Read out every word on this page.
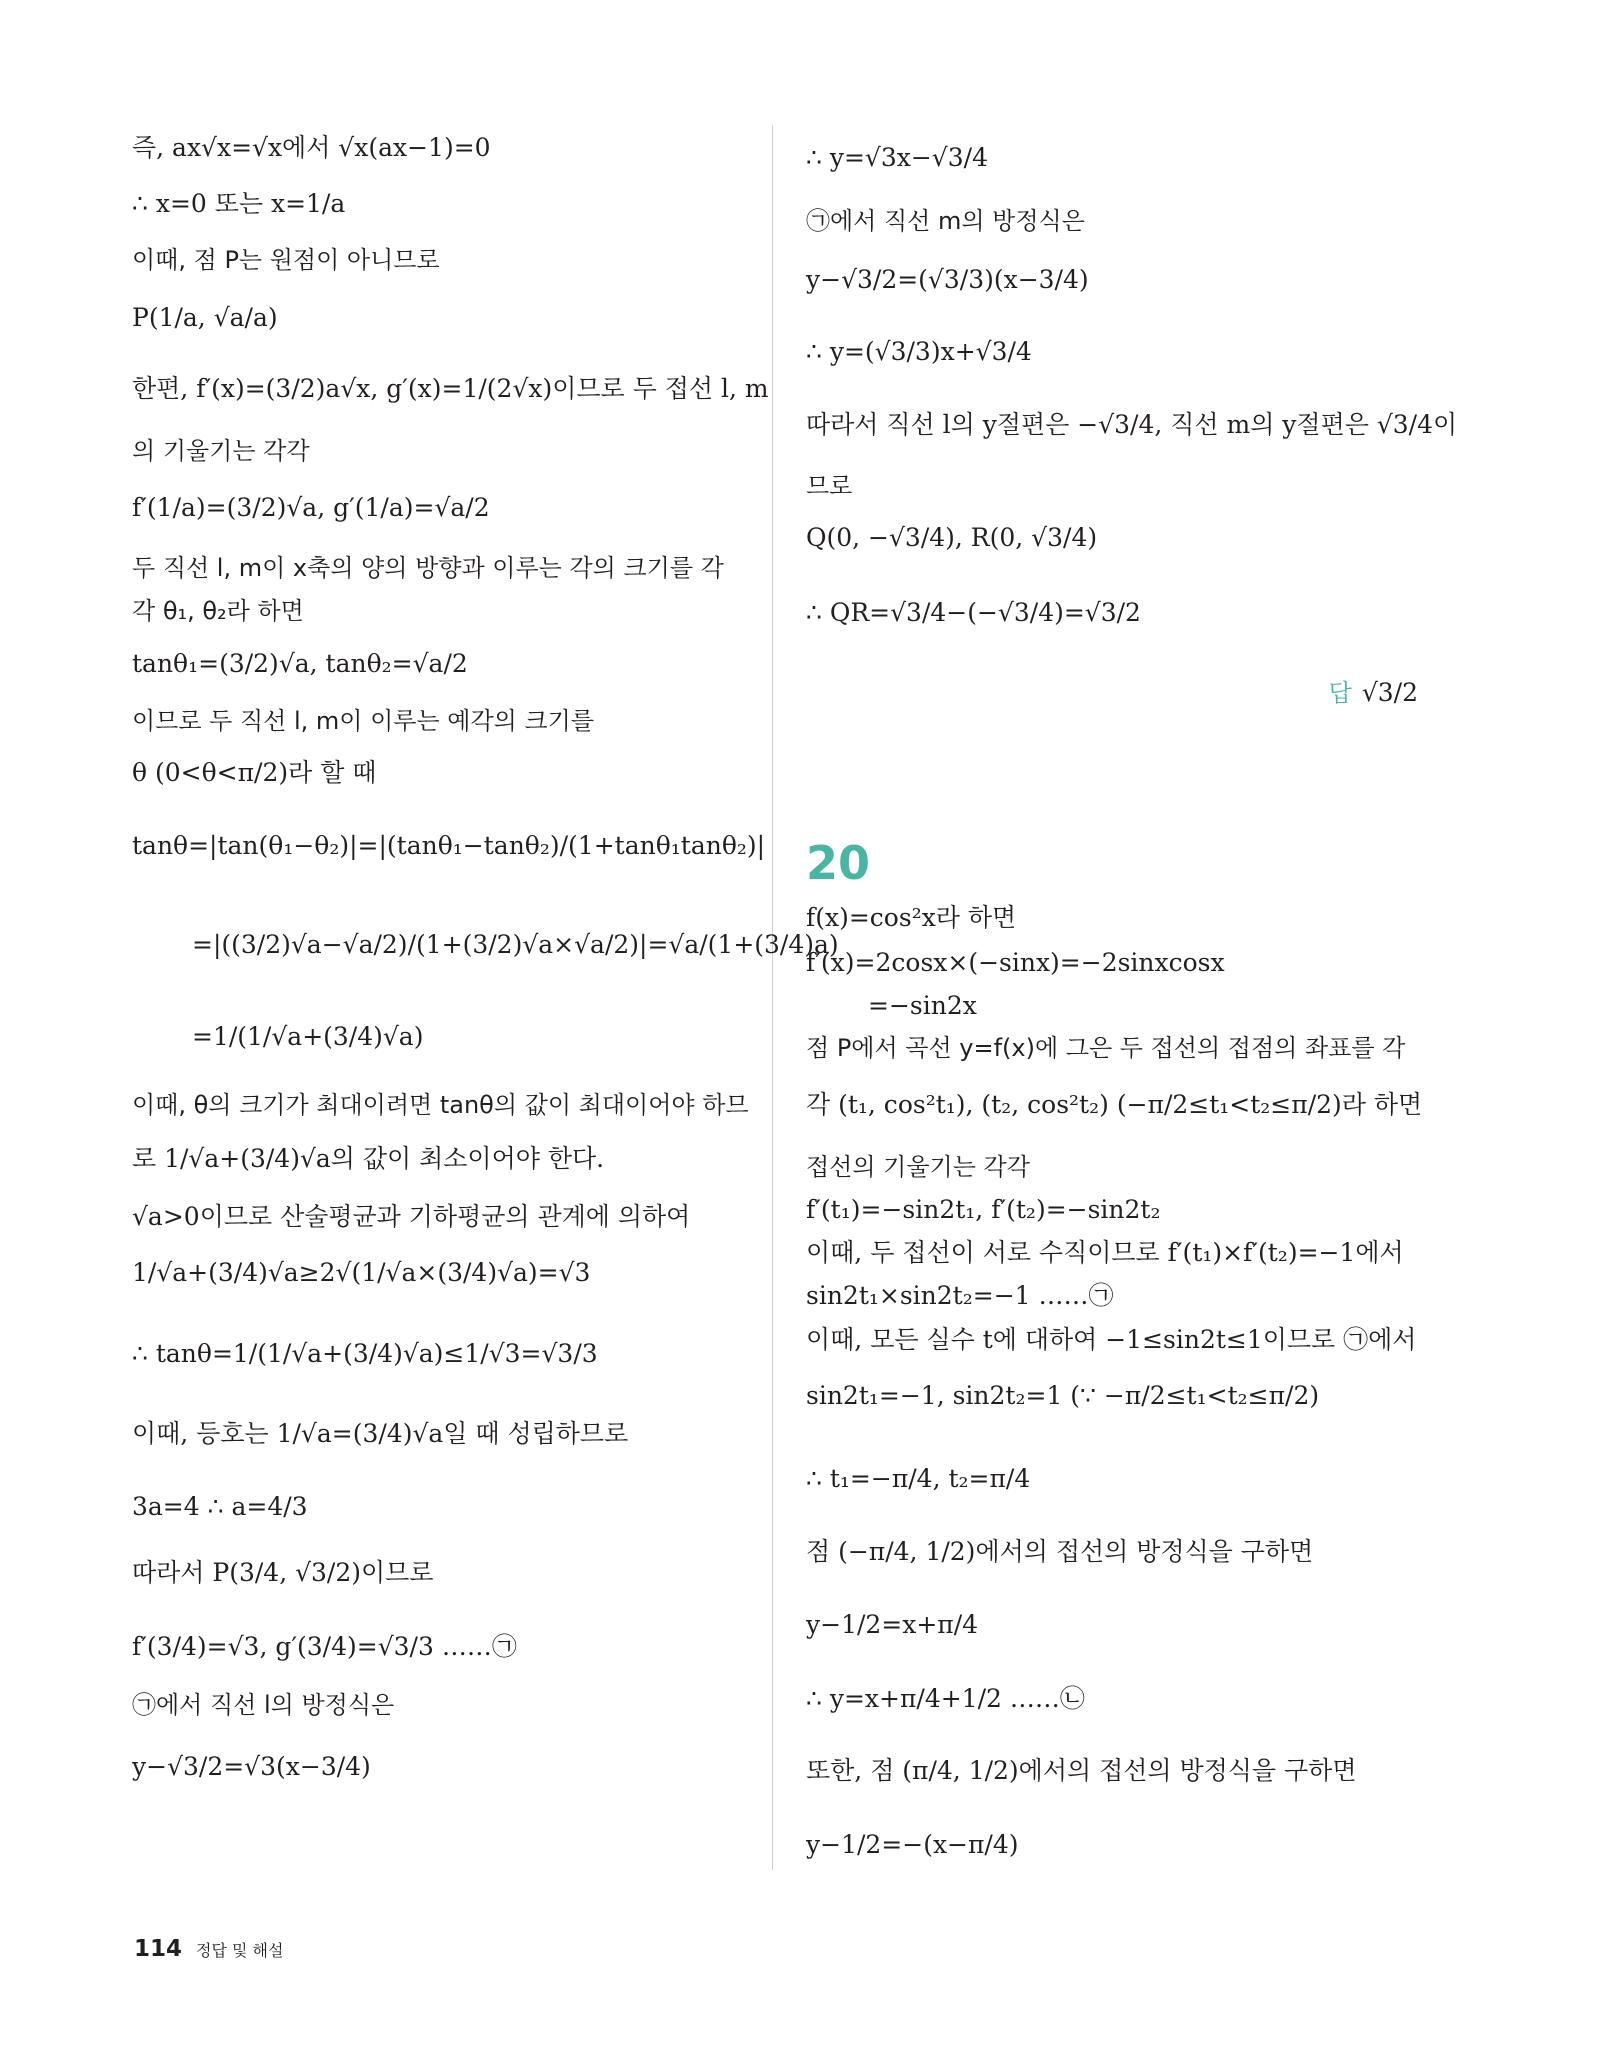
즉, ax√x=√x에서 √x(ax−1)=0
∴ x=0 또는 x=1/a
이때, 점 P는 원점이 아니므로
P(1/a, √a/a)
한편, f′(x)=(3/2)a√x, g′(x)=1/(2√x)이므로 두 접선 l, m
의 기울기는 각각
f′(1/a)=(3/2)√a, g′(1/a)=√a/2
두 직선 l, m이 x축의 양의 방향과 이루는 각의 크기를 각
각 θ₁, θ₂라 하면
tanθ₁=(3/2)√a, tanθ₂=√a/2
이므로 두 직선 l, m이 이루는 예각의 크기를
θ (0<θ<π/2)라 할 때
tanθ=|tan(θ₁−θ₂)|=|(tanθ₁−tanθ₂)/(1+tanθ₁tanθ₂)|
=|((3/2)√a−√a/2)/(1+(3/2)√a×√a/2)|=√a/(1+(3/4)a)
=1/(1/√a+(3/4)√a)
이때, θ의 크기가 최대이려면 tanθ의 값이 최대이어야 하므
로 1/√a+(3/4)√a의 값이 최소이어야 한다.
√a>0이므로 산술평균과 기하평균의 관계에 의하여
1/√a+(3/4)√a≥2√(1/√a×(3/4)√a)=√3
∴ tanθ=1/(1/√a+(3/4)√a)≤1/√3=√3/3
이때, 등호는 1/√a=(3/4)√a일 때 성립하므로
3a=4 ∴ a=4/3
따라서 P(3/4, √3/2)이므로
f′(3/4)=√3, g′(3/4)=√3/3 ……㉠
㉠에서 직선 l의 방정식은
y−√3/2=√3(x−3/4)
∴ y=√3x−√3/4
㉠에서 직선 m의 방정식은
y−√3/2=(√3/3)(x−3/4)
∴ y=(√3/3)x+√3/4
따라서 직선 l의 y절편은 −√3/4, 직선 m의 y절편은 √3/4이
므로
Q(0, −√3/4), R(0, √3/4)
∴ QR=√3/4−(−√3/4)=√3/2
답 √3/2
20
f(x)=cos²x라 하면
f′(x)=2cosx×(−sinx)=−2sinxcosx
=−sin2x
점 P에서 곡선 y=f(x)에 그은 두 접선의 접점의 좌표를 각
각 (t₁, cos²t₁), (t₂, cos²t₂) (−π/2≤t₁<t₂≤π/2)라 하면
접선의 기울기는 각각
f′(t₁)=−sin2t₁, f′(t₂)=−sin2t₂
이때, 두 접선이 서로 수직이므로 f′(t₁)×f′(t₂)=−1에서
sin2t₁×sin2t₂=−1 ……㉠
이때, 모든 실수 t에 대하여 −1≤sin2t≤1이므로 ㉠에서
sin2t₁=−1, sin2t₂=1 (∵ −π/2≤t₁<t₂≤π/2)
∴ t₁=−π/4, t₂=π/4
점 (−π/4, 1/2)에서의 접선의 방정식을 구하면
y−1/2=x+π/4
∴ y=x+π/4+1/2 ……㉡
또한, 점 (π/4, 1/2)에서의 접선의 방정식을 구하면
y−1/2=−(x−π/4)
114 정답 및 해설
